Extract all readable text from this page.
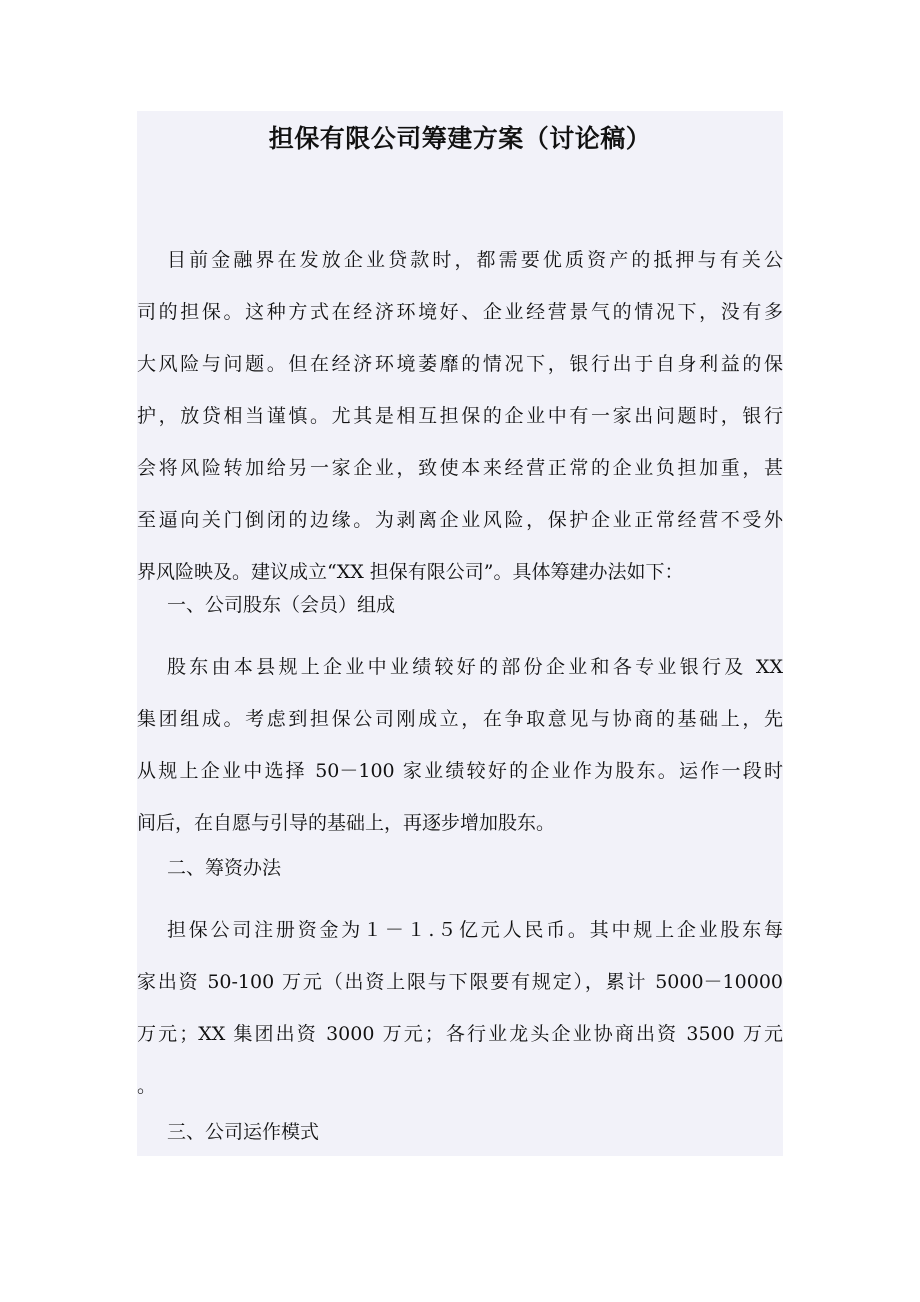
担保有限公司筹建方案（讨论稿）
目前金融界在发放企业贷款时，都需要优质资产的抵押与有关公
司的担保。这种方式在经济环境好、企业经营景气的情况下，没有多
大风险与问题。但在经济环境萎靡的情况下，银行出于自身利益的保
护，放贷相当谨慎。尤其是相互担保的企业中有一家出问题时，银行
会将风险转加给另一家企业，致使本来经营正常的企业负担加重，甚
至逼向关门倒闭的边缘。为剥离企业风险，保护企业正常经营不受外
界风险映及。建议成立“XX 担保有限公司”。具体筹建办法如下：
一、公司股东（会员）组成
股东由本县规上企业中业绩较好的部份企业和各专业银行及 XX
集团组成。考虑到担保公司刚成立，在争取意见与协商的基础上，先
从规上企业中选择 50－100 家业绩较好的企业作为股东。运作一段时
间后，在自愿与引导的基础上，再逐步增加股东。
二、筹资办法
担保公司注册资金为１－１.５亿元人民币。其中规上企业股东每
家出资 50-100 万元（出资上限与下限要有规定），累计 5000－10000
万元；XX 集团出资 3000 万元；各行业龙头企业协商出资 3500 万元
。
三、公司运作模式
